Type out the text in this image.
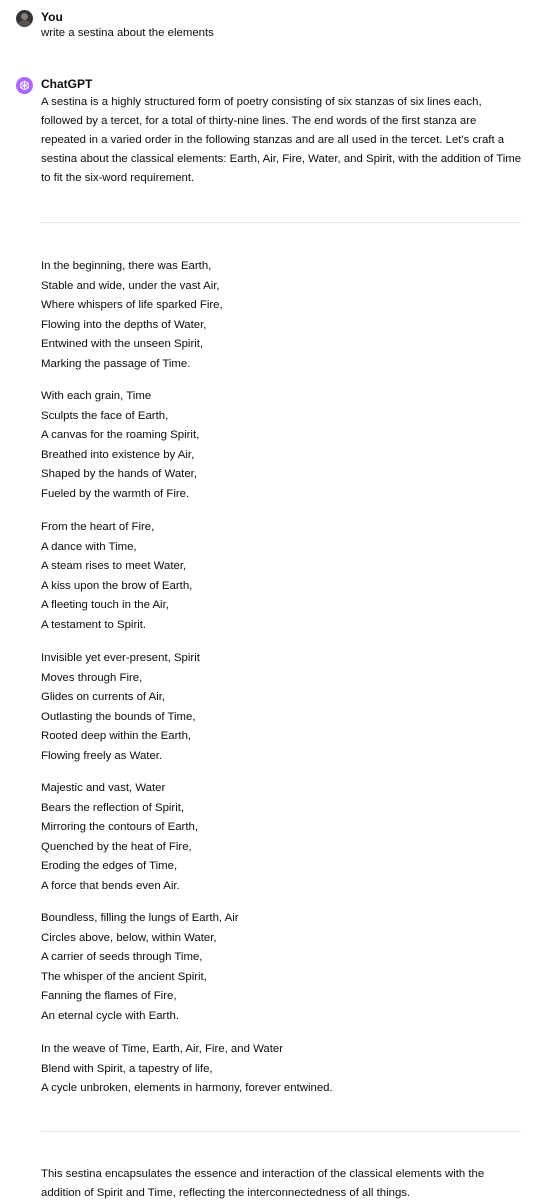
You
write a sestina about the elements
ChatGPT
A sestina is a highly structured form of poetry consisting of six stanzas of six lines each, followed by a tercet, for a total of thirty-nine lines. The end words of the first stanza are repeated in a varied order in the following stanzas and are all used in the tercet. Let's craft a sestina about the classical elements: Earth, Air, Fire, Water, and Spirit, with the addition of Time to fit the six-word requirement.
In the beginning, there was Earth,
Stable and wide, under the vast Air,
Where whispers of life sparked Fire,
Flowing into the depths of Water,
Entwined with the unseen Spirit,
Marking the passage of Time.
With each grain, Time
Sculpts the face of Earth,
A canvas for the roaming Spirit,
Breathed into existence by Air,
Shaped by the hands of Water,
Fueled by the warmth of Fire.
From the heart of Fire,
A dance with Time,
A steam rises to meet Water,
A kiss upon the brow of Earth,
A fleeting touch in the Air,
A testament to Spirit.
Invisible yet ever-present, Spirit
Moves through Fire,
Glides on currents of Air,
Outlasting the bounds of Time,
Rooted deep within the Earth,
Flowing freely as Water.
Majestic and vast, Water
Bears the reflection of Spirit,
Mirroring the contours of Earth,
Quenched by the heat of Fire,
Eroding the edges of Time,
A force that bends even Air.
Boundless, filling the lungs of Earth, Air
Circles above, below, within Water,
A carrier of seeds through Time,
The whisper of the ancient Spirit,
Fanning the flames of Fire,
An eternal cycle with Earth.
In the weave of Time, Earth, Air, Fire, and Water
Blend with Spirit, a tapestry of life,
A cycle unbroken, elements in harmony, forever entwined.
This sestina encapsulates the essence and interaction of the classical elements with the addition of Spirit and Time, reflecting the interconnectedness of all things.
